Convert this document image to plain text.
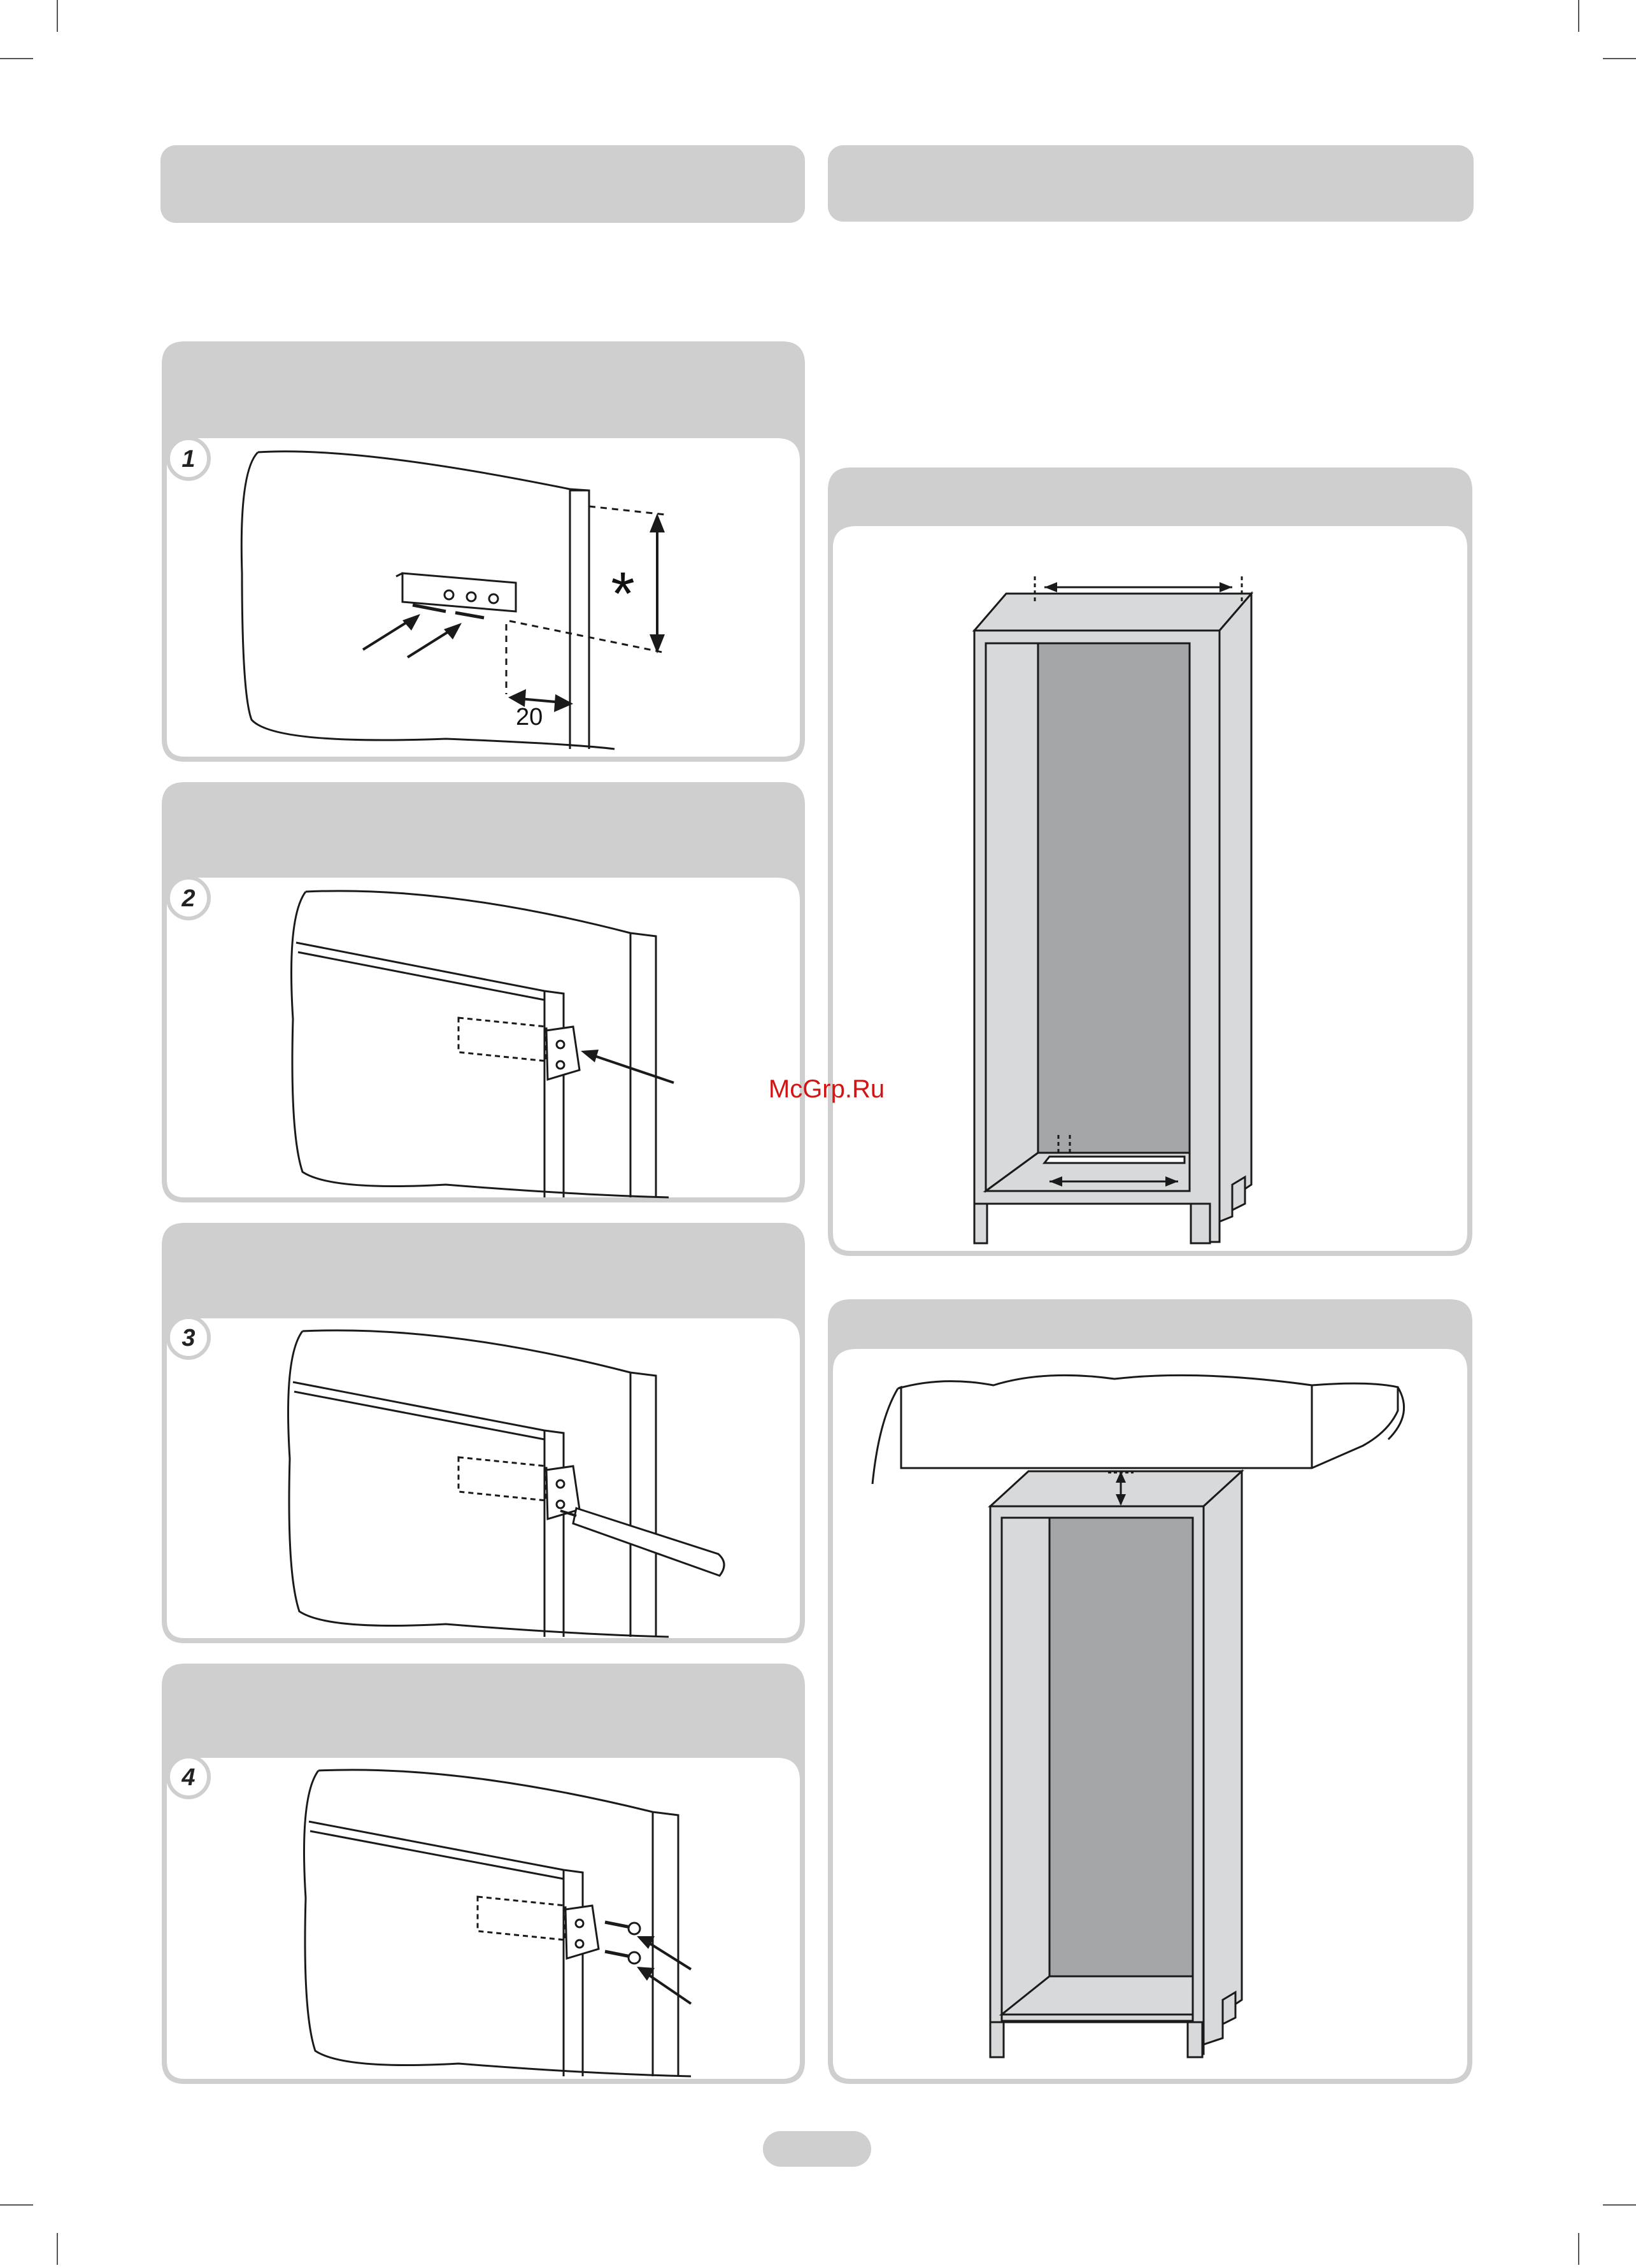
1
*
20
2
3
4
McGrp.Ru
